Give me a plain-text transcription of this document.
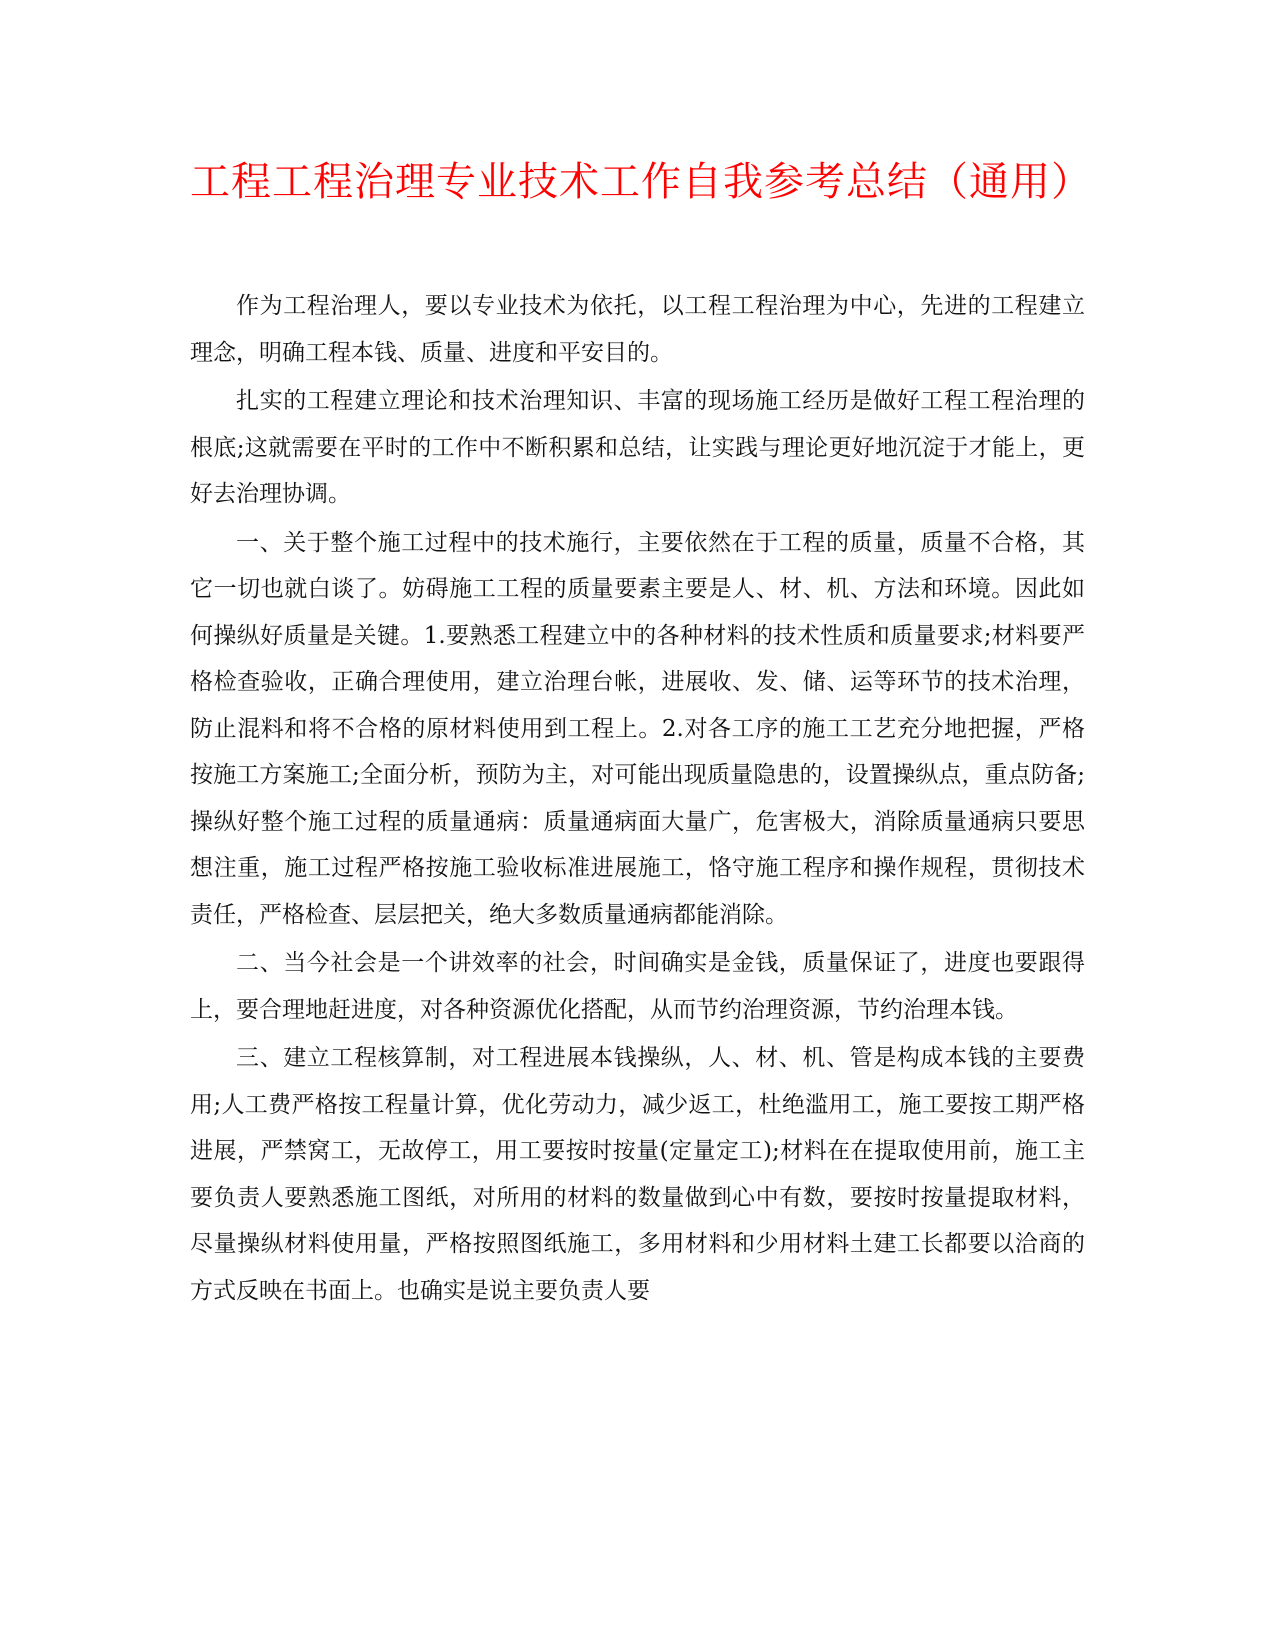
工程工程治理专业技术工作自我参考总结（通用）

作为工程治理人，要以专业技术为依托，以工程工程治理为中心，先进的工程建立理念，明确工程本钱、质量、进度和平安目的。

扎实的工程建立理论和技术治理知识、丰富的现场施工经历是做好工程工程治理的根底;这就需要在平时的工作中不断积累和总结，让实践与理论更好地沉淀于才能上，更好去治理协调。

一、关于整个施工过程中的技术施行，主要依然在于工程的质量，质量不合格，其它一切也就白谈了。妨碍施工工程的质量要素主要是人、材、机、方法和环境。因此如何操纵好质量是关键。1.要熟悉工程建立中的各种材料的技术性质和质量要求;材料要严格检查验收，正确合理使用，建立治理台帐，进展收、发、储、运等环节的技术治理，防止混料和将不合格的原材料使用到工程上。2.对各工序的施工工艺充分地把握，严格按施工方案施工;全面分析，预防为主，对可能出现质量隐患的，设置操纵点，重点防备;操纵好整个施工过程的质量通病：质量通病面大量广，危害极大，消除质量通病只要思想注重，施工过程严格按施工验收标准进展施工，恪守施工程序和操作规程，贯彻技术责任，严格检查、层层把关，绝大多数质量通病都能消除。

二、当今社会是一个讲效率的社会，时间确实是金钱，质量保证了，进度也要跟得上，要合理地赶进度，对各种资源优化搭配，从而节约治理资源，节约治理本钱。

三、建立工程核算制，对工程进展本钱操纵，人、材、机、管是构成本钱的主要费用;人工费严格按工程量计算，优化劳动力，减少返工，杜绝滥用工，施工要按工期严格进展，严禁窝工，无故停工，用工要按时按量(定量定工);材料在在提取使用前，施工主要负责人要熟悉施工图纸，对所用的材料的数量做到心中有数，要按时按量提取材料，尽量操纵材料使用量，严格按照图纸施工，多用材料和少用材料土建工长都要以洽商的方式反映在书面上。也确实是说主要负责人要
